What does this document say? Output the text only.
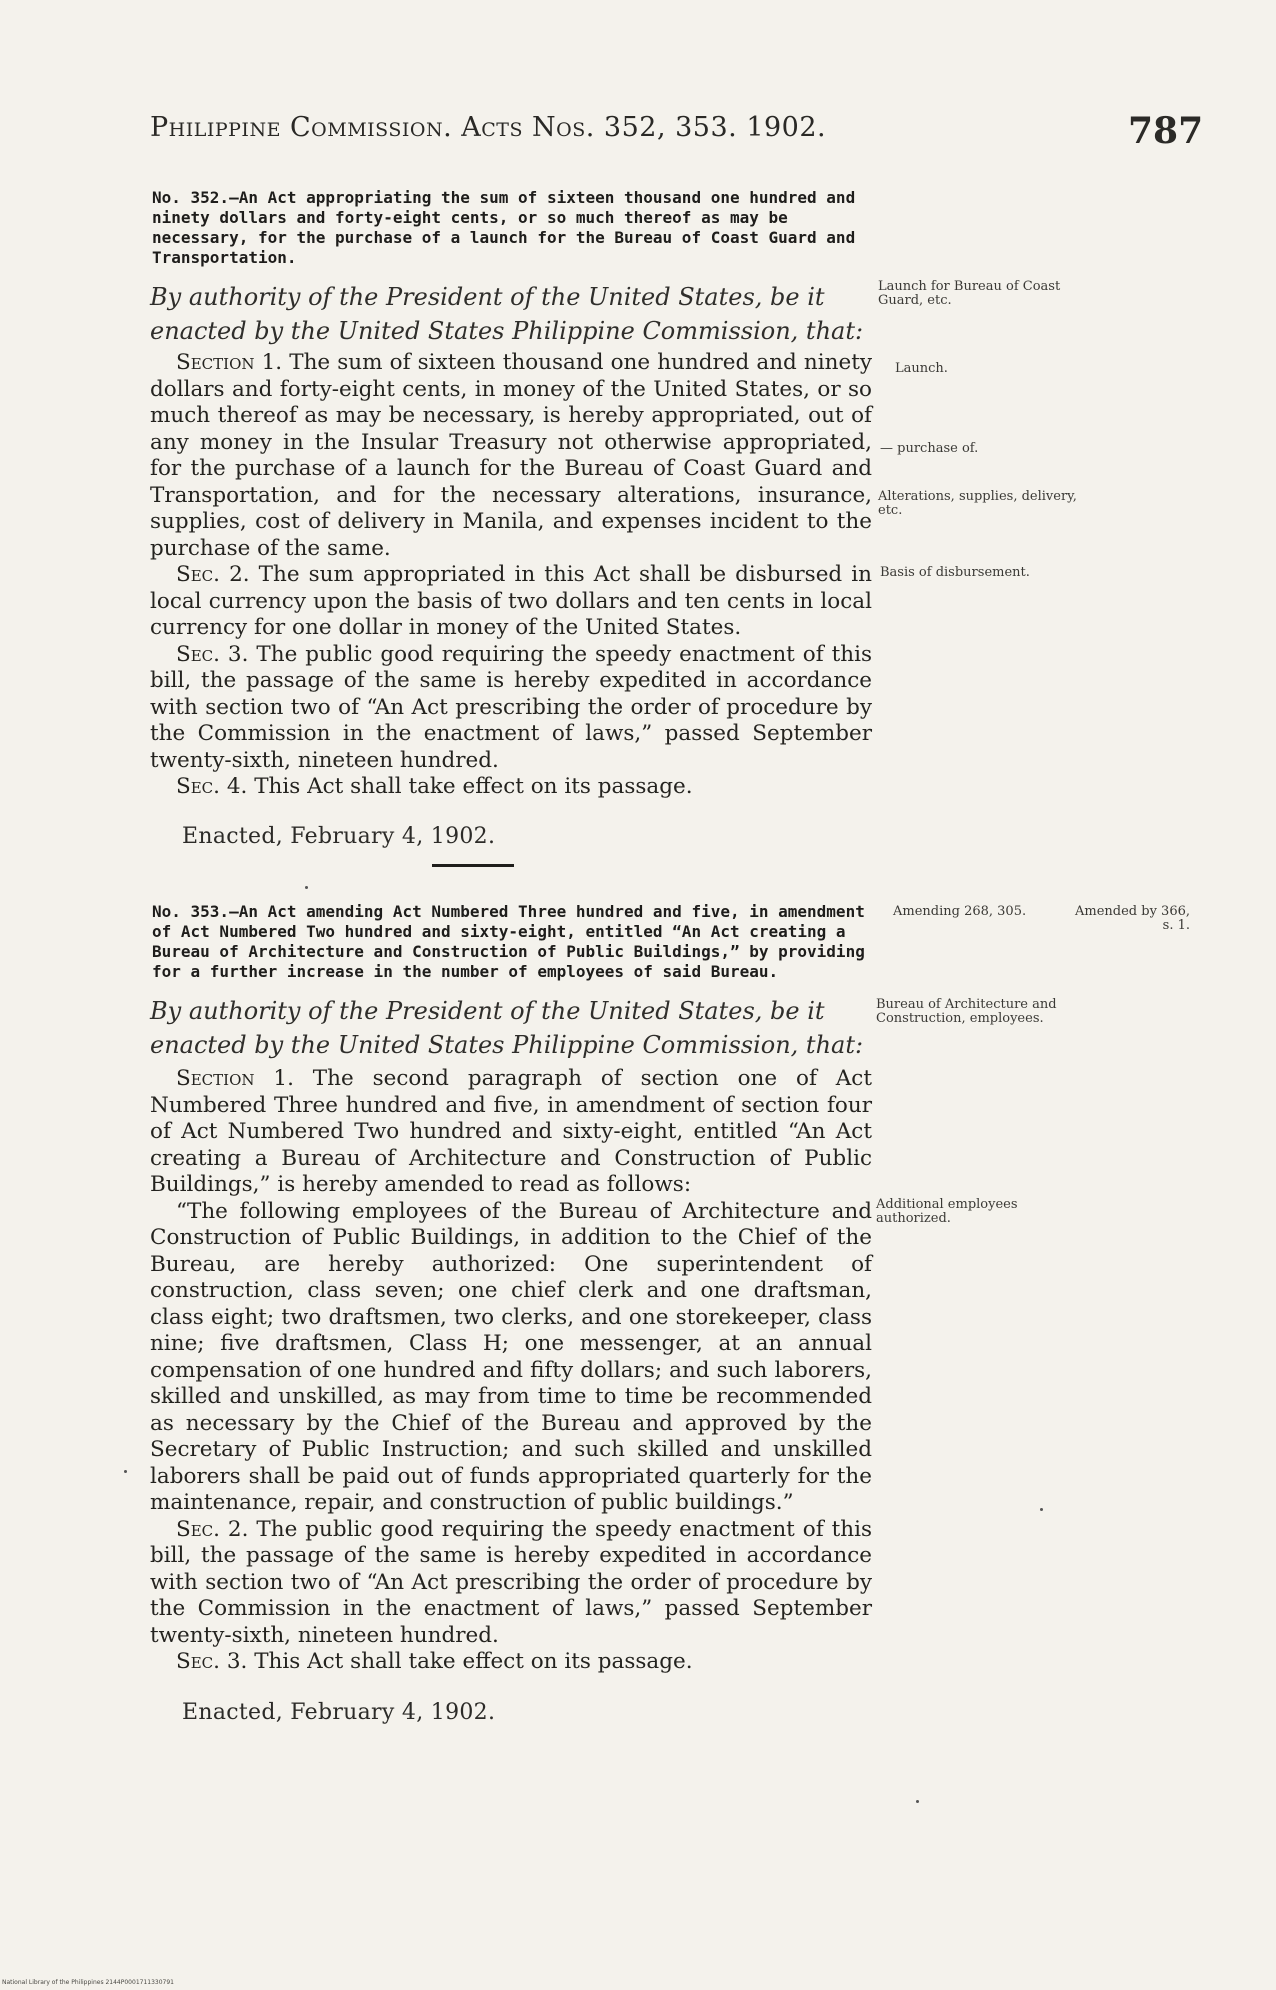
Philippine Commission. Acts Nos. 352, 353. 1902.	787
No. 352.—An Act appropriating the sum of sixteen thousand one hundred and ninety dollars and forty-eight cents, or so much thereof as may be necessary, for the purchase of a launch for the Bureau of Coast Guard and Transportation.
By authority of the President of the United States, be it enacted by the United States Philippine Commission, that:

Section 1. The sum of sixteen thousand one hundred and ninety dollars and forty-eight cents, in money of the United States, or so much thereof as may be necessary, is hereby appropriated, out of any money in the Insular Treasury not otherwise appropriated, for the purchase of a launch for the Bureau of Coast Guard and Transportation, and for the necessary alterations, insurance, supplies, cost of delivery in Manila, and expenses incident to the purchase of the same.

Sec. 2. The sum appropriated in this Act shall be disbursed in local currency upon the basis of two dollars and ten cents in local currency for one dollar in money of the United States.

Sec. 3. The public good requiring the speedy enactment of this bill, the passage of the same is hereby expedited in accordance with section two of “An Act prescribing the order of procedure by the Commission in the enactment of laws,” passed September twenty-sixth, nineteen hundred.

Sec. 4. This Act shall take effect on its passage.

Enacted, February 4, 1902.
Launch for Bureau of Coast Guard, etc.
Launch.
— purchase of.
Alterations, supplies, delivery, etc.
Basis of disbursement.
No. 353.—An Act amending Act Numbered Three hundred and five, in amendment of Act Numbered Two hundred and sixty-eight, entitled “An Act creating a Bureau of Architecture and Construction of Public Buildings,” by providing for a further increase in the number of employees of said Bureau.
By authority of the President of the United States, be it enacted by the United States Philippine Commission, that:

Section 1. The second paragraph of section one of Act Numbered Three hundred and five, in amendment of section four of Act Numbered Two hundred and sixty-eight, entitled “An Act creating a Bureau of Architecture and Construction of Public Buildings,” is hereby amended to read as follows:

“The following employees of the Bureau of Architecture and Construction of Public Buildings, in addition to the Chief of the Bureau, are hereby authorized: One superintendent of construction, class seven; one chief clerk and one draftsman, class eight; two draftsmen, two clerks, and one storekeeper, class nine; five draftsmen, Class H; one messenger, at an annual compensation of one hundred and fifty dollars; and such laborers, skilled and unskilled, as may from time to time be recommended as necessary by the Chief of the Bureau and approved by the Secretary of Public Instruction; and such skilled and unskilled laborers shall be paid out of funds appropriated quarterly for the maintenance, repair, and construction of public buildings.”

Sec. 2. The public good requiring the speedy enactment of this bill, the passage of the same is hereby expedited in accordance with section two of “An Act prescribing the order of procedure by the Commission in the enactment of laws,” passed September twenty-sixth, nineteen hundred.

Sec. 3. This Act shall take effect on its passage.

Enacted, February 4, 1902.
Amending 268, 305.	Amended by 366, s. 1.
Bureau of Architecture and Construction, employees.
Additional employees authorized.
National Library of the Philippines 2144P0001711330791
